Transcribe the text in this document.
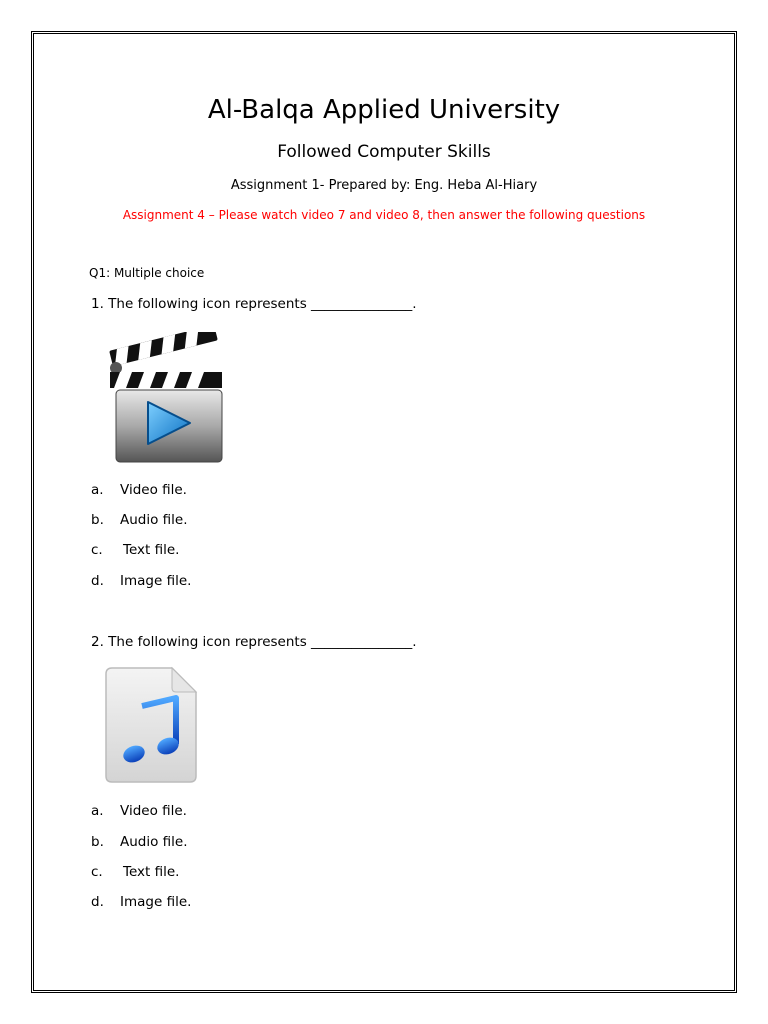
Al-Balqa Applied University
Followed Computer Skills
Assignment 1- Prepared by: Eng. Heba Al-Hiary
Assignment 4 – Please watch video 7 and video 8, then answer the following questions
Q1: Multiple choice
1. The following icon represents _______________.
a. Video file.
b. Audio file.
c. Text file.
d. Image file.
2. The following icon represents _______________.
a. Video file.
b. Audio file.
c. Text file.
d. Image file.
